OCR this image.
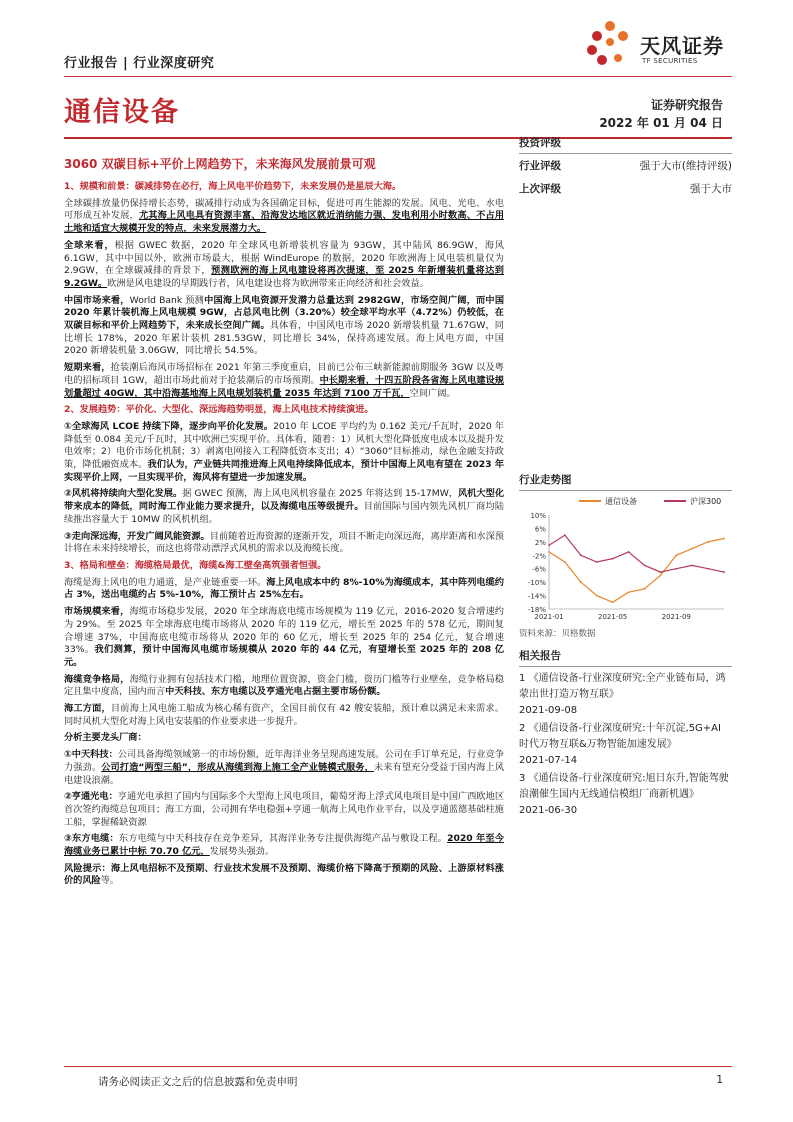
行业报告 | 行业深度研究
天风证券
TF SECURITIES
通信设备	证券研究报告
2022 年 01 月 04 日
3060 双碳目标+平价上网趋势下，未来海风发展前景可观
1、规模和前景：碳减排势在必行，海上风电平价趋势下，未来发展仍是星辰大海。

全球碳排放量仍保持增长态势，碳减排行动成为各国确定目标，促进可再生能源的发展。风电、光电、水电可形成互补发展，尤其海上风电具有资源丰富、沿海发达地区就近消纳能力强、发电利用小时数高、不占用土地和适宜大规模开发的特点，未来发展潜力大。

全球来看，根据 GWEC 数据，2020 年全球风电新增装机容量为 93GW，其中陆风 86.9GW，海风 6.1GW，其中中国以外，欧洲市场最大，根据 WindEurope 的数据，2020 年欧洲海上风电装机量仅为 2.9GW，在全球碳减排的背景下，预测欧洲的海上风电建设将再次提速，至 2025 年新增装机量将达到 9.2GW。欧洲是风电建设的早期践行者，风电建设也将为欧洲带来正向经济和社会效益。

中国市场来看，World Bank 预测中国海上风电资源开发潜力总量达到 2982GW，市场空间广阔，而中国 2020 年累计装机海上风电规模 9GW，占总风电比例（3.20%）较全球平均水平（4.72%）仍较低，在双碳目标和平价上网趋势下，未来成长空间广阔。具体看，中国风电市场 2020 新增装机量 71.67GW，同比增长 178%，2020 年累计装机 281.53GW，同比增长 34%，保持高速发展。海上风电方面，中国 2020 新增装机量 3.06GW，同比增长 54.5%。

短期来看，抢装潮后海风市场招标在 2021 年第三季度重启，目前已公布三峡新能源前期服务 3GW 以及粤电的招标项目 1GW，超出市场此前对于抢装潮后的市场预期。中长期来看，十四五阶段各省海上风电建设规划量超过 40GW，其中沿海基地海上风电规划装机量 2035 年达到 7100 万千瓦，空间广阔。

2、发展趋势：平价化、大型化、深远海趋势明显，海上风电技术持续演进。

①全球海风 LCOE 持续下降，逐步向平价化发展。2010 年 LCOE 平均约为 0.162 美元/千瓦时，2020 年降低至 0.084 美元/千瓦时，其中欧洲已实现平价。具体看，随着：1）风机大型化降低度电成本以及提升发电效率；2）电价市场化机制；3）剥离电网接入工程降低资本支出；4）“3060”目标推动，绿色金融支持政策，降低融资成本。我们认为，产业链共同推进海上风电持续降低成本，预计中国海上风电有望在 2023 年实现平价上网，一旦实现平价，海风将有望进一步加速发展。

②风机将持续向大型化发展。据 GWEC 预测，海上风电风机容量在 2025 年将达到 15-17MW，风机大型化带来成本的降低，同时海工作业能力要求提升，以及海缆电压等级提升。目前国际与国内领先风机厂商均陆续推出容量大于 10MW 的风机机组。

③走向深远海，开发广阔风能资源。目前随着近海资源的逐渐开发，项目不断走向深远海，离岸距离和水深预计将在未来持续增长，而这也将带动漂浮式风机的需求以及海缆长度。

3、格局和壁垒：海缆格局最优，海缆&海工壁垒高筑强者恒强。

海缆是海上风电的电力通道，是产业链重要一环。海上风电成本中约 8%-10%为海缆成本，其中阵列电缆约占 3%，送出电缆约占 5%-10%，海工预计占 25%左右。

市场规模来看，海缆市场稳步发展，2020 年全球海底电缆市场规模为 119 亿元，2016-2020 复合增速约为 29%。至 2025 年全球海底电缆市场将从 2020 年的 119 亿元，增长至 2025 年的 578 亿元，期间复合增速 37%，中国海底电缆市场将从 2020 年的 60 亿元，增长至 2025 年的 254 亿元，复合增速 33%。我们测算，预计中国海风电缆市场规模从 2020 年的 44 亿元，有望增长至 2025 年的 208 亿元。

海缆竞争格局，海缆行业拥有包括技术门槛，地理位置资源，资金门槛，资历门槛等行业壁垒，竞争格局稳定且集中度高，国内而言中天科技、东方电缆以及亨通光电占据主要市场份额。

海工方面，目前海上风电施工船成为核心稀有资产，全国目前仅有 42 艘安装船，预计难以满足未来需求。同时风机大型化对海上风电安装船的作业要求进一步提升。

分析主要龙头厂商：

①中天科技：公司具备海缆领域第一的市场份额，近年海洋业务呈现高速发展。公司在手订单充足，行业竞争力强劲。公司打造“两型三船”，形成从海缆到海上施工全产业链模式服务，未来有望充分受益于国内海上风电建设浪潮。

②亨通光电：亨通光电承担了国内与国际多个大型海上风电项目，葡萄牙海上浮式风电项目是中国广西欧地区首次签约海缆总包项目；海工方面，公司拥有华电稳强+亨通一航海上风电作业平台，以及亨通蓝德基础柱施工船，掌握稀缺资源

③东方电缆：东方电缆与中天科技存在竞争差异，其海洋业务专注提供海缆产品与敷设工程。2020 年至今海缆业务已累计中标 70.70 亿元，发展势头强劲。

风险提示：海上风电招标不及预期、行业技术发展不及预期、海缆价格下降高于预期的风险、上游原材料涨价的风险等。

投资评级
行业评级	强于大市(维持评级)
上次评级	强于大市
行业走势图
10%
6%
2%
-2%
-6%
-10%
-14%
-18%
2021-01	2021-05	2021-09
通信设备	沪深300
资料来源：贝格数据
相关报告
1 《通信设备-行业深度研究:全产业链布局，鸿蒙出世打造万物互联》
2021-09-08
2 《通信设备-行业深度研究:十年沉淀,5G+AI 时代万物互联&万物智能加速发展》
2021-07-14
3 《通信设备-行业深度研究:旭日东升,智能驾驶浪潮催生国内无线通信模组厂商新机遇》
2021-06-30
请务必阅读正文之后的信息披露和免责申明	1
